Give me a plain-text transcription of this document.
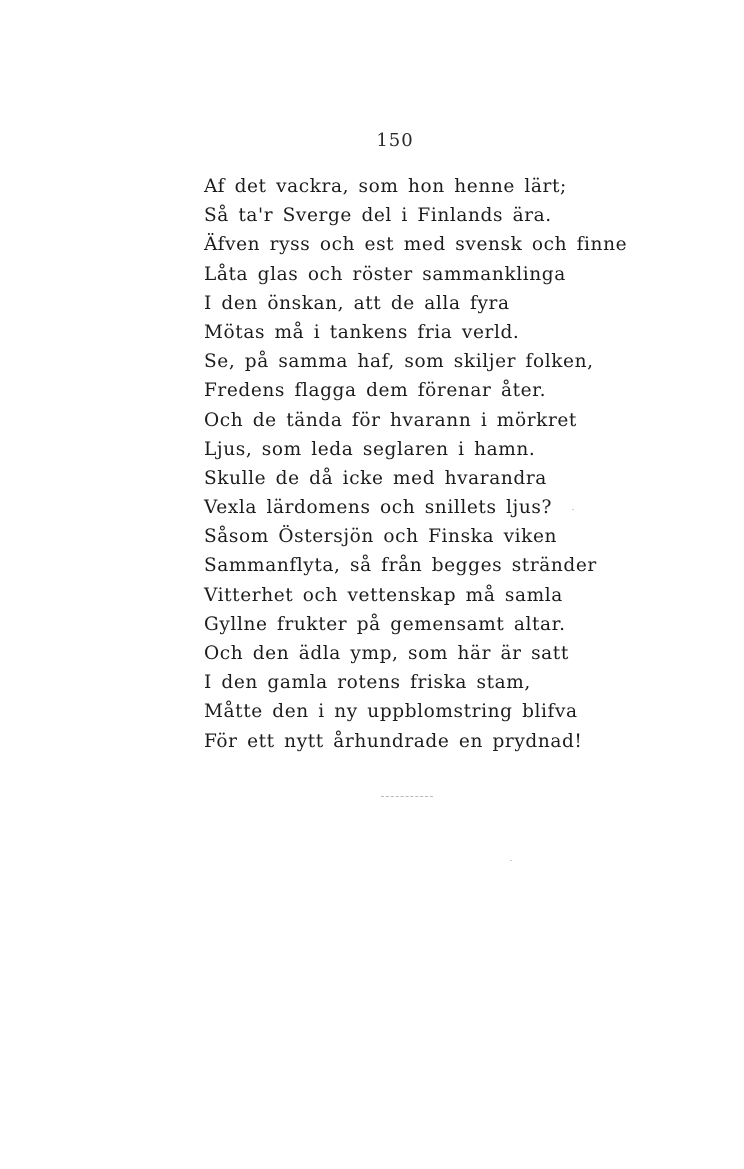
150
Af det vackra, som hon henne lärt;
Så ta'r Sverge del i Finlands ära.
Äfven ryss och est med svensk och finne
Låta glas och röster sammanklinga
I den önskan, att de alla fyra
Mötas må i tankens fria verld.
Se, på samma haf, som skiljer folken,
Fredens flagga dem förenar åter.
Och de tända för hvarann i mörkret
Ljus, som leda seglaren i hamn.
Skulle de då icke med hvarandra
Vexla lärdomens och snillets ljus?
Såsom Östersjön och Finska viken
Sammanflyta, så från begges stränder
Vitterhet och vettenskap må samla
Gyllne frukter på gemensamt altar.
Och den ädla ymp, som här är satt
I den gamla rotens friska stam,
Måtte den i ny uppblomstring blifva
För ett nytt århundrade en prydnad!
